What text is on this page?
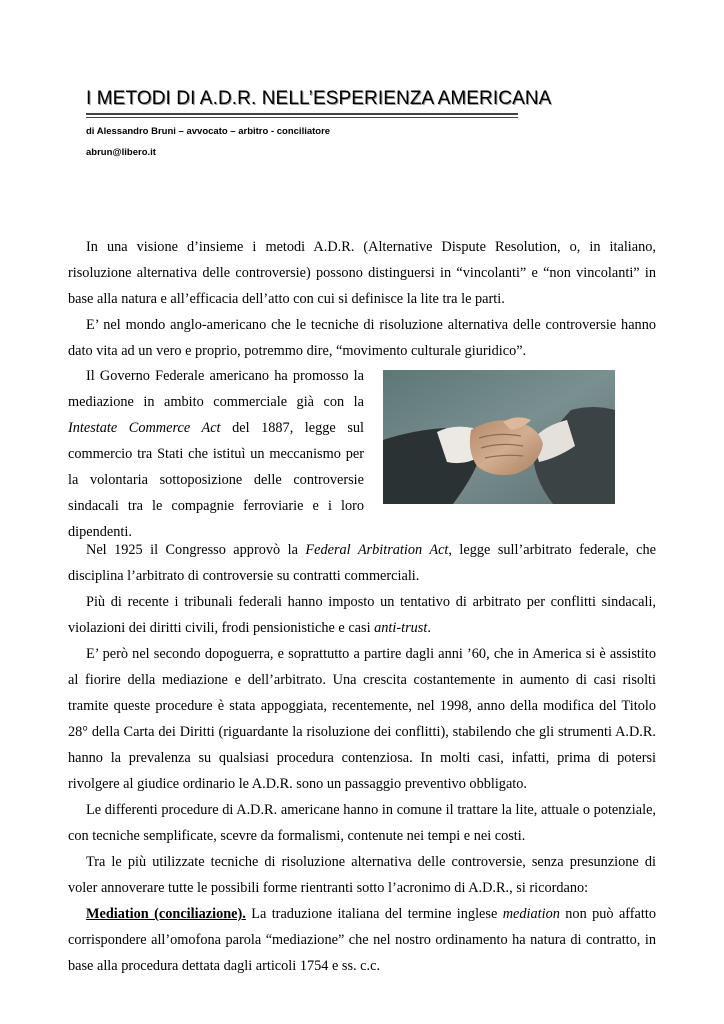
I METODI DI A.D.R. NELL’ESPERIENZA AMERICANA
di Alessandro Bruni – avvocato – arbitro - conciliatore
abrun@libero.it

In una visione d’insieme i metodi A.D.R. (Alternative Dispute Resolution, o, in italiano, risoluzione alternativa delle controversie) possono distinguersi in “vincolanti” e “non vincolanti” in base alla natura e all’efficacia dell’atto con cui si definisce la lite tra le parti.

E’ nel mondo anglo-americano che le tecniche di risoluzione alternativa delle controversie hanno dato vita ad un vero e proprio, potremmo dire, “movimento culturale giuridico”.

Il Governo Federale americano ha promosso la mediazione in ambito commerciale già con la Intestate Commerce Act del 1887, legge sul commercio tra Stati che istituì un meccanismo per la volontaria sottoposizione delle controversie sindacali tra le compagnie ferroviarie e i loro dipendenti.

Nel 1925 il Congresso approvò la Federal Arbitration Act, legge sull’arbitrato federale, che disciplina l’arbitrato di controversie su contratti commerciali.

Più di recente i tribunali federali hanno imposto un tentativo di arbitrato per conflitti sindacali, violazioni dei diritti civili, frodi pensionistiche e casi anti-trust.

E’ però nel secondo dopoguerra, e soprattutto a partire dagli anni ’60, che in America si è assistito al fiorire della mediazione e dell’arbitrato. Una crescita costantemente in aumento di casi risolti tramite queste procedure è stata appoggiata, recentemente, nel 1998, anno della modifica del Titolo 28° della Carta dei Diritti (riguardante la risoluzione dei conflitti), stabilendo che gli strumenti A.D.R. hanno la prevalenza su qualsiasi procedura contenziosa. In molti casi, infatti, prima di potersi rivolgere al giudice ordinario le A.D.R. sono un passaggio preventivo obbligato.

Le differenti procedure di A.D.R. americane hanno in comune il trattare la lite, attuale o potenziale, con tecniche semplificate, scevre da formalismi, contenute nei tempi e nei costi.

Tra le più utilizzate tecniche di risoluzione alternativa delle controversie, senza presunzione di voler annoverare tutte le possibili forme rientranti sotto l’acronimo di A.D.R., si ricordano:

Mediation (conciliazione). La traduzione italiana del termine inglese mediation non può affatto corrispondere all’omofona parola “mediazione” che nel nostro ordinamento ha natura di contratto, in base alla procedura dettata dagli articoli 1754 e ss. c.c.
